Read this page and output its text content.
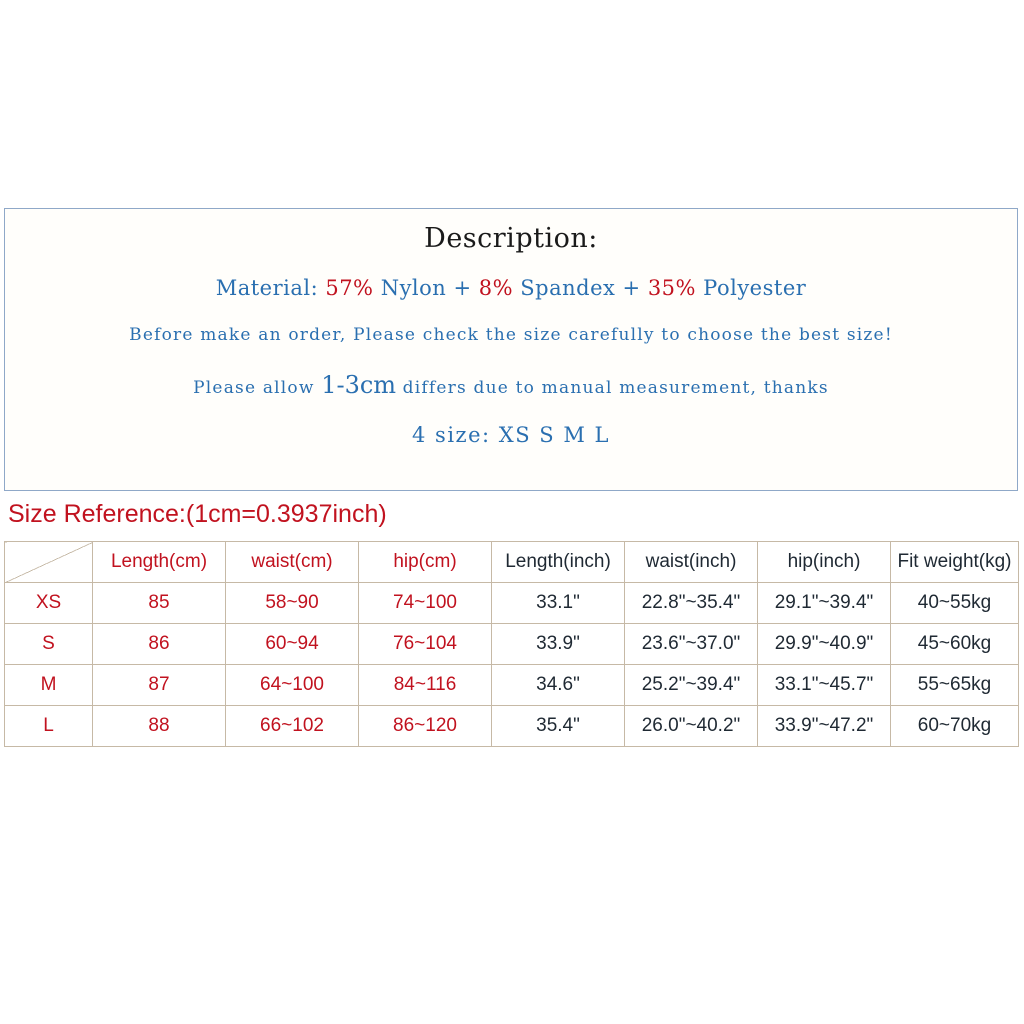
Description:
Material: 57% Nylon + 8% Spandex + 35% Polyester
Before make an order, Please check the size carefully to choose the best size!
Please allow 1-3cm differs due to manual measurement, thanks
4 size: XS S M L
Size Reference:(1cm=0.3937inch)
	Length(cm)	waist(cm)	hip(cm)	Length(inch)	waist(inch)	hip(inch)	Fit weight(kg)
XS	85	58~90	74~100	33.1"	22.8"~35.4"	29.1"~39.4"	40~55kg
S	86	60~94	76~104	33.9"	23.6"~37.0"	29.9"~40.9"	45~60kg
M	87	64~100	84~116	34.6"	25.2"~39.4"	33.1"~45.7"	55~65kg
L	88	66~102	86~120	35.4"	26.0"~40.2"	33.9"~47.2"	60~70kg
